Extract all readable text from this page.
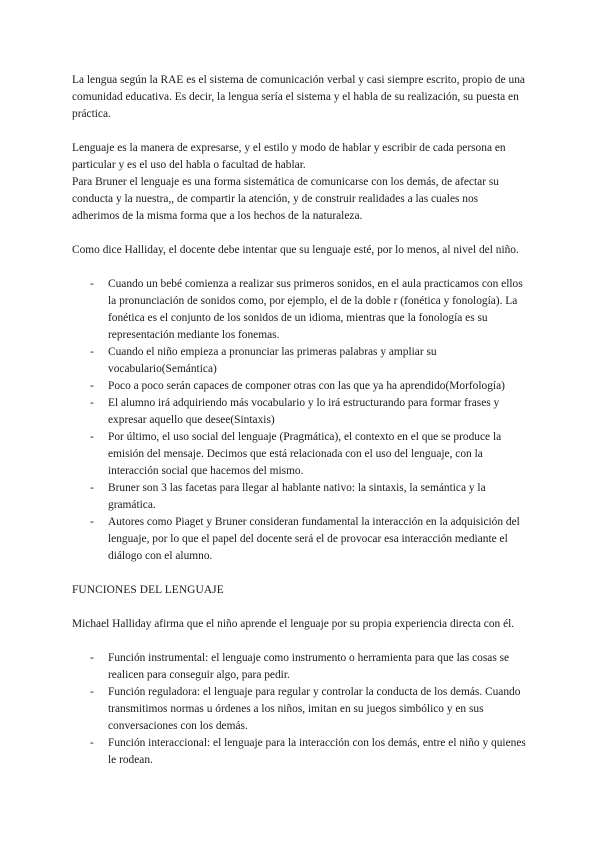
La lengua según la RAE es el sistema de comunicación verbal y casi siempre escrito, propio de una comunidad educativa. Es decir, la lengua sería el sistema y el habla de su realización, su puesta en práctica.

Lenguaje es la manera de expresarse, y el estilo y modo de hablar y escribir de cada persona en particular y es el uso del habla o facultad de hablar.

Para Bruner el lenguaje es una forma sistemática de comunicarse con los demás, de afectar su conducta y la nuestra,, de compartir la atención, y de construir realidades a las cuales nos adherimos de la misma forma que a los hechos de la naturaleza.

Como dice Halliday, el docente debe intentar que su lenguaje esté, por lo menos, al nivel del niño.

- Cuando un bebé comienza a realizar sus primeros sonidos, en el aula practicamos con ellos la pronunciación de sonidos como, por ejemplo, el de la doble r (fonética y fonología). La fonética es el conjunto de los sonidos de un idioma, mientras que la fonología es su representación mediante los fonemas.
- Cuando el niño empieza a pronunciar las primeras palabras y ampliar su vocabulario(Semántica)
- Poco a poco serán capaces de componer otras con las que ya ha aprendido(Morfología)
- El alumno irá adquiriendo más vocabulario y lo irá estructurando para formar frases y expresar aquello que desee(Sintaxis)
- Por último, el uso social del lenguaje (Pragmática), el contexto en el que se produce la emisión del mensaje. Decimos que está relacionada con el uso del lenguaje, con la interacción social que hacemos del mismo.
- Bruner son 3 las facetas para llegar al hablante nativo: la sintaxis, la semántica y la gramática.
- Autores como Piaget y Bruner consideran fundamental la interacción en la adquisición del lenguaje, por lo que el papel del docente será el de provocar esa interacción mediante el diálogo con el alumno.

FUNCIONES DEL LENGUAJE

Michael Halliday afirma que el niño aprende el lenguaje por su propia experiencia directa con él.

- Función instrumental: el lenguaje como instrumento o herramienta para que las cosas se realicen para conseguir algo, para pedir.
- Función reguladora: el lenguaje para regular y controlar la conducta de los demás. Cuando transmitimos normas u órdenes a los niños, imitan en su juegos simbólico y en sus conversaciones con los demás.
- Función interaccional: el lenguaje para la interacción con los demás, entre el niño y quienes le rodean.
